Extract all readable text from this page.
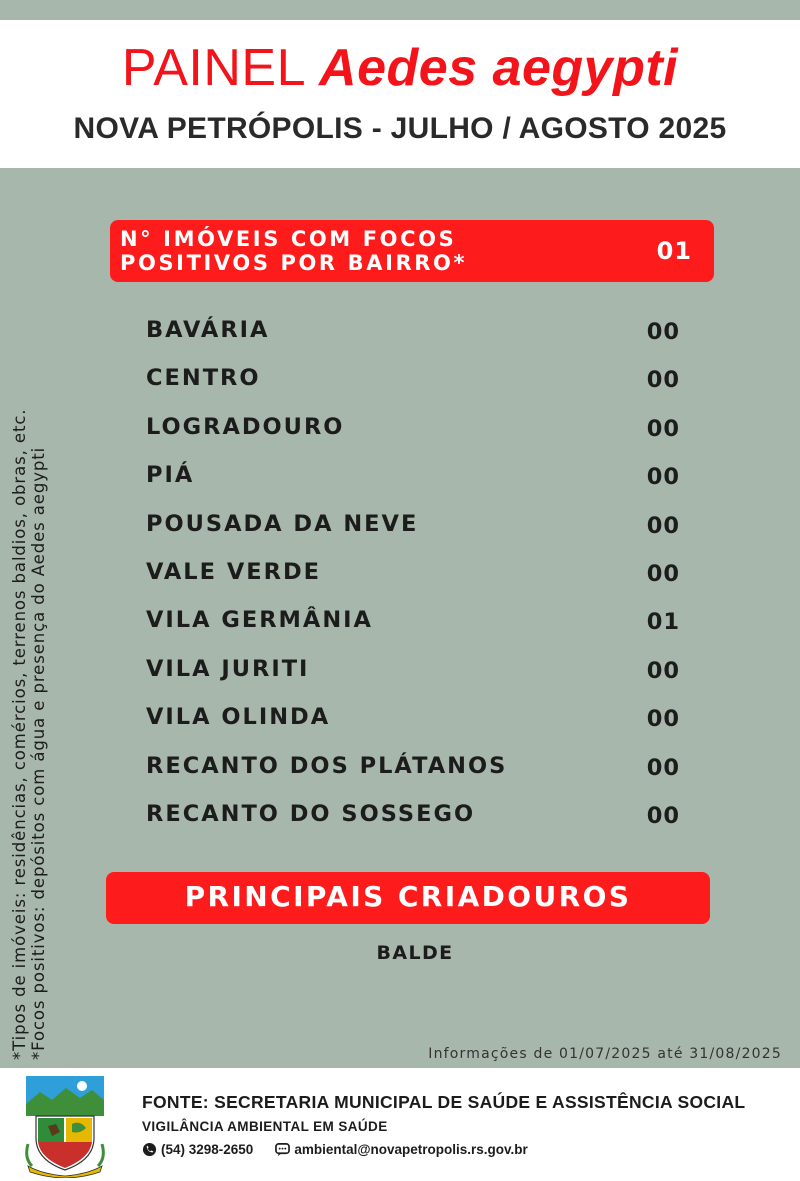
PAINEL Aedes aegypti
NOVA PETRÓPOLIS - JULHO / AGOSTO 2025
*Tipos de imóveis: residências, comércios, terrenos baldios, obras, etc. *Focos positivos: depósitos com água e presença do Aedes aegypti
N° IMÓVEIS COM FOCOS
POSITIVOS POR BAIRRO*	01
BAVÁRIA	00
CENTRO	00
LOGRADOURO	00
PIÁ	00
POUSADA DA NEVE	00
VALE VERDE	00
VILA GERMÂNIA	01
VILA JURITI	00
VILA OLINDA	00
RECANTO DOS PLÁTANOS	00
RECANTO DO SOSSEGO	00
PRINCIPAIS CRIADOUROS
BALDE
Informações de 01/07/2025 até 31/08/2025
FONTE: SECRETARIA MUNICIPAL DE SAÚDE E ASSISTÊNCIA SOCIAL
VIGILÂNCIA AMBIENTAL EM SAÚDE
(54) 3298-2650	ambiental@novapetropolis.rs.gov.br
